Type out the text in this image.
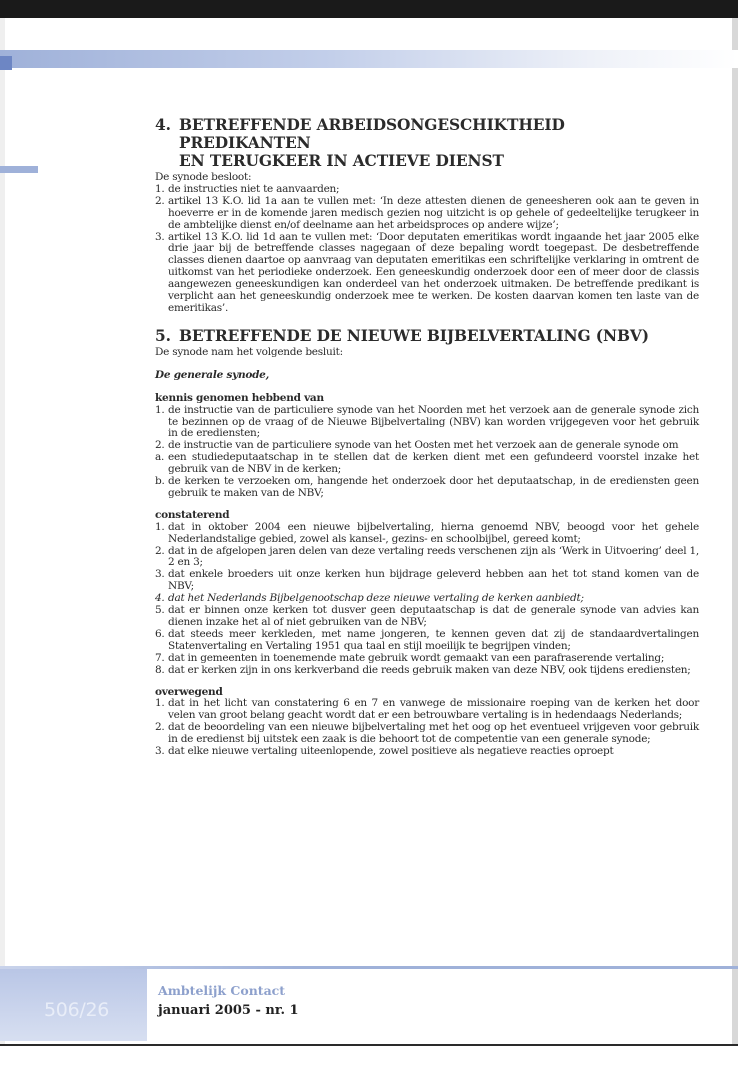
4. BETREFFENDE ARBEIDSONGESCHIKTHEID PREDIKANTEN
EN TERUGKEER IN ACTIEVE DIENST

De synode besloot:

1. de instructies niet te aanvaarden;
2. artikel 13 K.O. lid 1a aan te vullen met: ‘In deze attesten dienen de geneesheren ook aan te geven in hoeverre er in de komende jaren medisch gezien nog uitzicht is op gehele of gedeeltelijke terugkeer in de ambtelijke dienst en/of deelname aan het arbeidsproces op andere wijze’;
3. artikel 13 K.O. lid 1d aan te vullen met: ‘Door deputaten emeritikas wordt ingaande het jaar 2005 elke drie jaar bij de betreffende classes nagegaan of deze bepaling wordt toegepast. De desbetreffende classes dienen daartoe op aanvraag van deputaten emeritikas een schriftelijke verklaring in omtrent de uitkomst van het periodieke onderzoek. Een geneeskundig onderzoek door een of meer door de classis aangewezen geneeskundigen kan onderdeel van het onderzoek uitmaken. De betreffende predikant is verplicht aan het geneeskundig onderzoek mee te werken. De kosten daarvan komen ten laste van de emeritikas’.
5. BETREFFENDE DE NIEUWE BIJBELVERTALING (NBV)

De synode nam het volgende besluit:

De generale synode,

kennis genomen hebbend van

1. de instructie van de particuliere synode van het Noorden met het verzoek aan de generale synode zich te bezinnen op de vraag of de Nieuwe Bijbelvertaling (NBV) kan worden vrijgegeven voor het gebruik in de erediensten;
2. de instructie van de particuliere synode van het Oosten met het verzoek aan de generale synode om
a. een studiedeputaatschap in te stellen dat de kerken dient met een gefundeerd voorstel inzake het gebruik van de NBV in de kerken;
b. de kerken te verzoeken om, hangende het onderzoek door het deputaatschap, in de erediensten geen gebruik te maken van de NBV;

constaterend

1. dat in oktober 2004 een nieuwe bijbelvertaling, hierna genoemd NBV, beoogd voor het gehele Nederlandstalige gebied, zowel als kansel-, gezins- en schoolbijbel, gereed komt;
2. dat in de afgelopen jaren delen van deze vertaling reeds verschenen zijn als ‘Werk in Uitvoering’ deel 1, 2 en 3;
3. dat enkele broeders uit onze kerken hun bijdrage geleverd hebben aan het tot stand komen van de NBV;
4. dat het Nederlands Bijbelgenootschap deze nieuwe vertaling de kerken aanbiedt;
5. dat er binnen onze kerken tot dusver geen deputaatschap is dat de generale synode van advies kan dienen inzake het al of niet gebruiken van de NBV;
6. dat steeds meer kerkleden, met name jongeren, te kennen geven dat zij de standaardvertalingen Statenvertaling en Vertaling 1951 qua taal en stijl moeilijk te begrijpen vinden;
7. dat in gemeenten in toenemende mate gebruik wordt gemaakt van een parafraserende vertaling;
8. dat er kerken zijn in ons kerkverband die reeds gebruik maken van deze NBV, ook tijdens erediensten;

overwegend

1. dat in het licht van constatering 6 en 7 en vanwege de missionaire roeping van de kerken het door velen van groot belang geacht wordt dat er een betrouwbare vertaling is in hedendaags Nederlands;
2. dat de beoordeling van een nieuwe bijbelvertaling met het oog op het eventueel vrijgeven voor gebruik in de eredienst bij uitstek een zaak is die behoort tot de competentie van een generale synode;
3. dat elke nieuwe vertaling uiteenlopende, zowel positieve als negatieve reacties oproept
506/26
Ambtelijk Contact
januari 2005 - nr. 1
